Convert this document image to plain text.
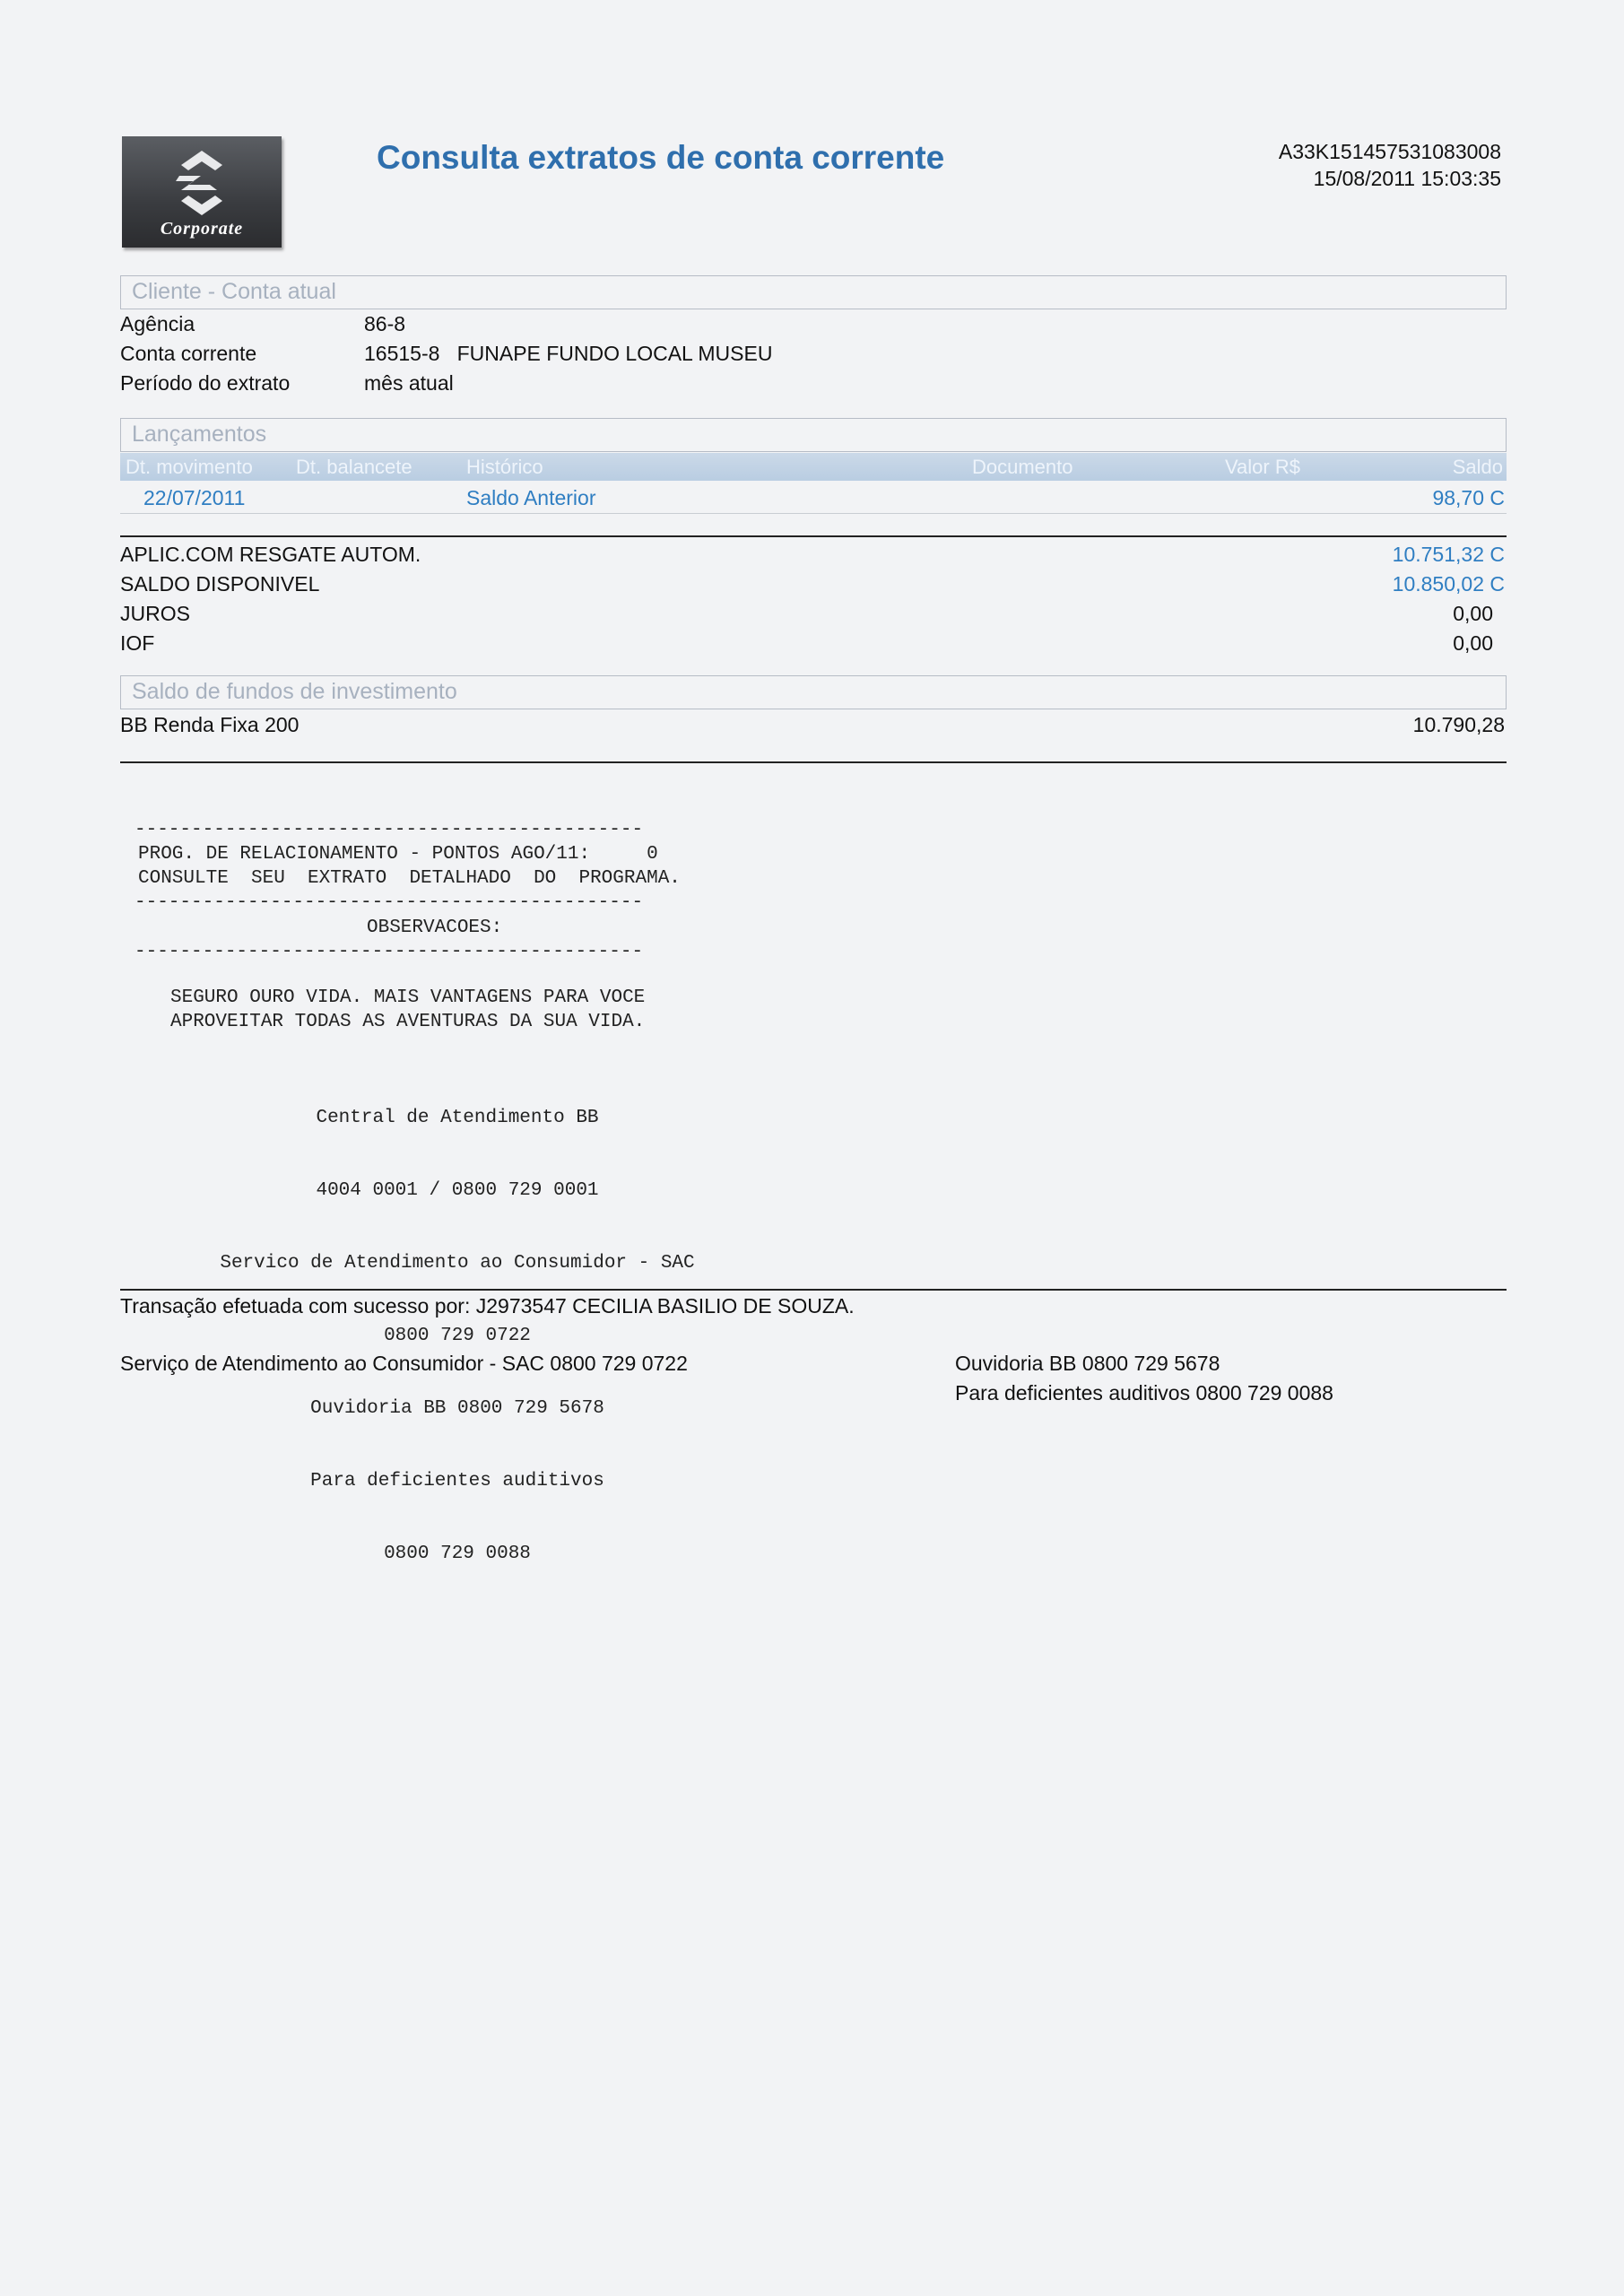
Corporate
Consulta extratos de conta corrente	A33K151457531083008
15/08/2011 15:03:35
Cliente - Conta atual
Agência	86-8
Conta corrente	16515-8   FUNAPE FUNDO LOCAL MUSEU
Período do extrato	mês atual
Lançamentos
Dt. movimento Dt. balancete	Histórico	Documento	Valor R$	Saldo
22/07/2011	Saldo Anterior	98,70 C
APLIC.COM RESGATE AUTOM.	10.751,32 C
SALDO DISPONIVEL	10.850,02 C
JUROS	0,00
IOF	0,00
Saldo de fundos de investimento
BB Renda Fixa 200	10.790,28
---------------------------------------------
PROG. DE RELACIONAMENTO - PONTOS AGO/11:     0
CONSULTE  SEU  EXTRATO  DETALHADO  DO  PROGRAMA.
---------------------------------------------
OBSERVACOES:
---------------------------------------------
SEGURO OURO VIDA. MAIS VANTAGENS PARA VOCE
APROVEITAR TODAS AS AVENTURAS DA SUA VIDA.

Central de Atendimento BB

4004 0001 / 0800 729 0001

Servico de Atendimento ao Consumidor - SAC

0800 729 0722

Ouvidoria BB 0800 729 5678

Para deficientes auditivos

0800 729 0088

Transação efetuada com sucesso por: J2973547 CECILIA BASILIO DE SOUZA.
Serviço de Atendimento ao Consumidor - SAC 0800 729 0722	Ouvidoria BB 0800 729 5678
Para deficientes auditivos 0800 729 0088
